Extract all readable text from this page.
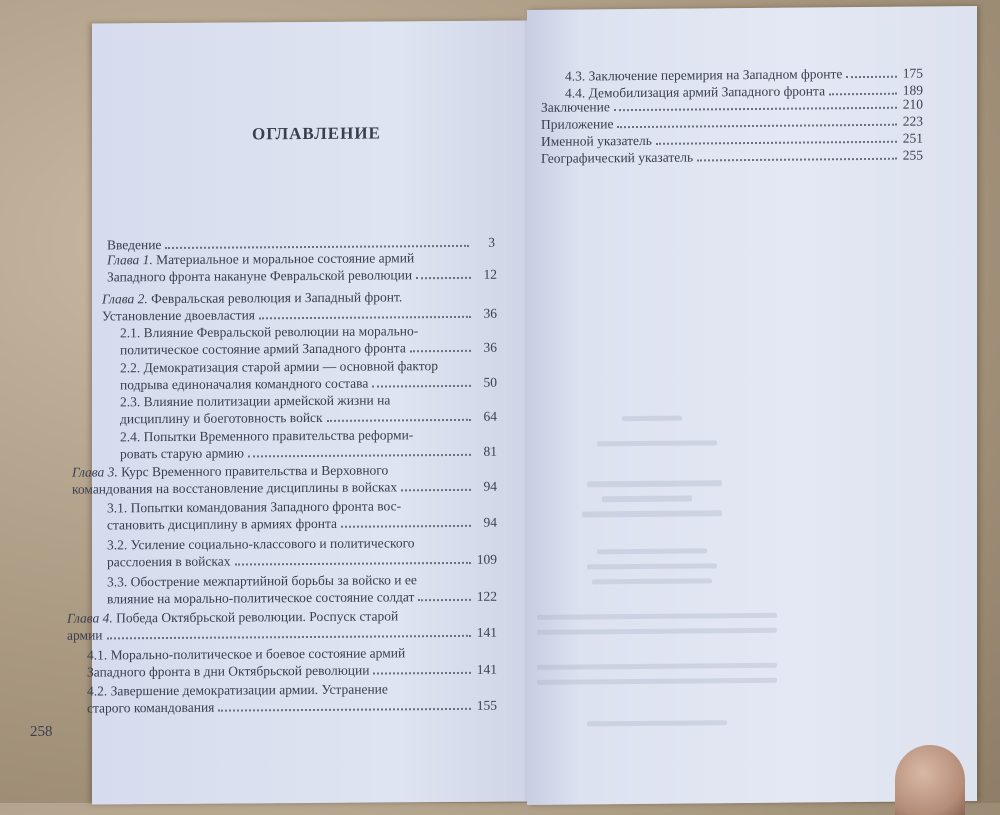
ОГЛАВЛЕНИЕ
Введение	3
Глава 1.
Материальное и моральное состояние армий
Западного фронта накануне Февральской революции	12
Глава 2.
Февральская революция и Западный фронт.
Установление двоевластия	36
2.1. Влияние Февральской революции на морально-
политическое состояние армий Западного фронта	36
2.2. Демократизация старой армии — основной фактор
подрыва единоначалия командного состава	50
2.3. Влияние политизации армейской жизни на
дисциплину и боеготовность войск	64
2.4. Попытки Временного правительства реформи-
ровать старую армию	81
Глава 3.
Курс Временного правительства и Верховного
командования на восстановление дисциплины в войсках	94
3.1. Попытки командования Западного фронта вос-
становить дисциплину в армиях фронта	94
3.2. Усиление социально-классового и политического
расслоения в войсках	109
3.3. Обострение межпартийной борьбы за войско и ее
влияние на морально-политическое состояние солдат	122
Глава 4.
Победа Октябрьской революции. Роспуск старой
армии	141
4.1. Морально-политическое и боевое состояние армий
Западного фронта в дни Октябрьской революции	141
4.2. Завершение демократизации армии. Устранение
старого командования	155
258
4.3. Заключение перемирия на Западном фронте	175
4.4. Демобилизация армий Западного фронта	189
Заключение	210
Приложение	223
Именной указатель	251
Географический указатель	255
